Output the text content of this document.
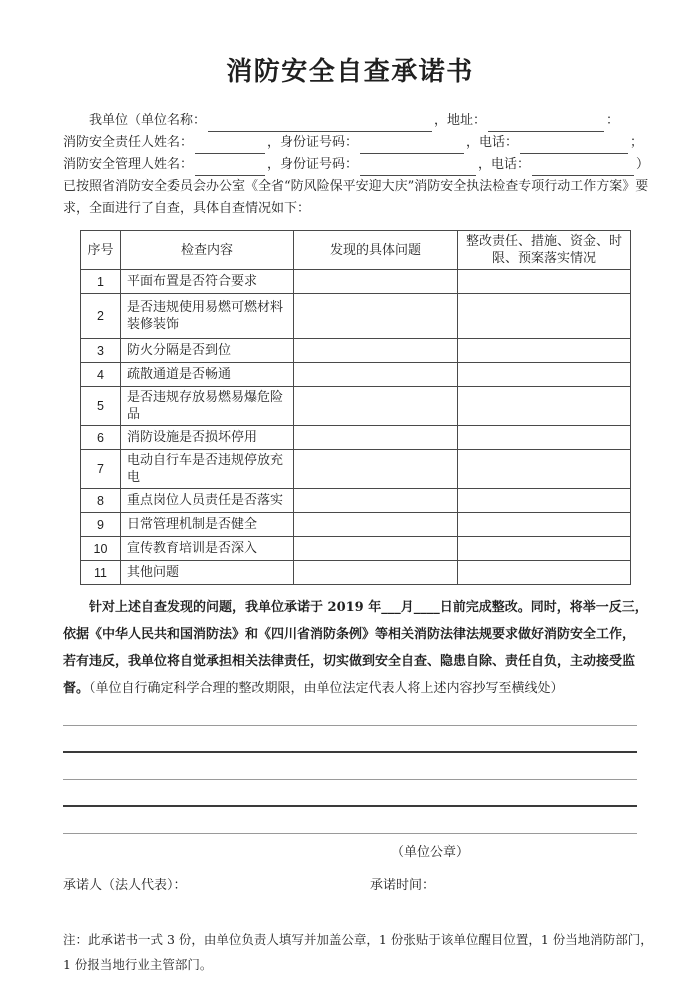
消防安全自查承诺书
我单位（单位名称：	，地址：	：
消防安全责任人姓名：	，身份证号码：	，电话：	；
消防安全管理人姓名：	，身份证号码：	，电话：	）
已按照省消防安全委员会办公室《全省“防风险保平安迎大庆”消防安全执法检查专项行动工作方案》要
求，全面进行了自查，具体自查情况如下：
序号	检查内容	发现的具体问题	整改责任、措施、资金、时限、预案落实情况
1	平面布置是否符合要求		
2	是否违规使用易燃可燃材料装修装饰		
3	防火分隔是否到位		
4	疏散通道是否畅通		
5	是否违规存放易燃易爆危险品		
6	消防设施是否损坏停用		
7	电动自行车是否违规停放充电		
8	重点岗位人员责任是否落实		
9	日常管理机制是否健全		
10	宣传教育培训是否深入		
11	其他问题		
针对上述自查发现的问题，我单位承诺于 2019 年___月____日前完成整改。同时，将举一反三，
依据《中华人民共和国消防法》和《四川省消防条例》等相关消防法律法规要求做好消防安全工作，
若有违反，我单位将自觉承担相关法律责任，切实做到安全自查、隐患自除、责任自负，主动接受监
督。（单位自行确定科学合理的整改期限，由单位法定代表人将上述内容抄写至横线处）
（单位公章）
承诺人（法人代表）：	承诺时间：
注：此承诺书一式 3 份，由单位负责人填写并加盖公章，1 份张贴于该单位醒目位置，1 份当地消防部门，
1 份报当地行业主管部门。
